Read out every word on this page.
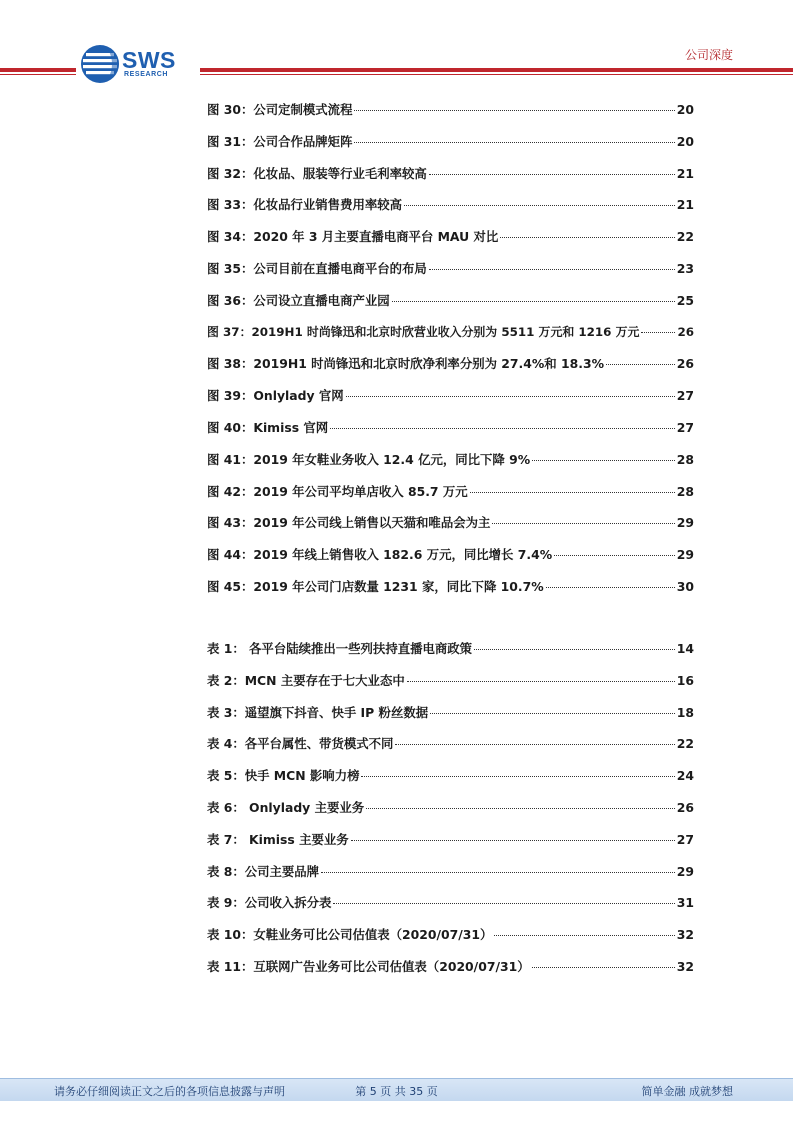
SWS
RESEARCH
公司深度
图 30：公司定制模式流程	20
图 31：公司合作品牌矩阵	20
图 32：化妆品、服装等行业毛利率较高	21
图 33：化妆品行业销售费用率较高	21
图 34：2020 年 3 月主要直播电商平台 MAU 对比	22
图 35：公司目前在直播电商平台的布局	23
图 36：公司设立直播电商产业园	25
图 37：2019H1 时尚锋迅和北京时欣营业收入分别为 5511 万元和 1216 万元	26
图 38：2019H1 时尚锋迅和北京时欣净利率分别为 27.4%和 18.3%	26
图 39：Onlylady 官网	27
图 40：Kimiss 官网	27
图 41：2019 年女鞋业务收入 12.4 亿元，同比下降 9%	28
图 42：2019 年公司平均单店收入 85.7 万元	28
图 43：2019 年公司线上销售以天猫和唯品会为主	29
图 44：2019 年线上销售收入 182.6 万元，同比增长 7.4%	29
图 45：2019 年公司门店数量 1231 家，同比下降 10.7%	30
表 1： 各平台陆续推出一些列扶持直播电商政策	14
表 2：MCN 主要存在于七大业态中	16
表 3：遥望旗下抖音、快手 IP 粉丝数据	18
表 4：各平台属性、带货模式不同	22
表 5：快手 MCN 影响力榜	24
表 6： Onlylady 主要业务	26
表 7： Kimiss 主要业务	27
表 8：公司主要品牌	29
表 9：公司收入拆分表	31
表 10：女鞋业务可比公司估值表（2020/07/31）	32
表 11：互联网广告业务可比公司估值表（2020/07/31）	32
请务必仔细阅读正文之后的各项信息披露与声明	第 5 页 共 35 页	简单金融 成就梦想
